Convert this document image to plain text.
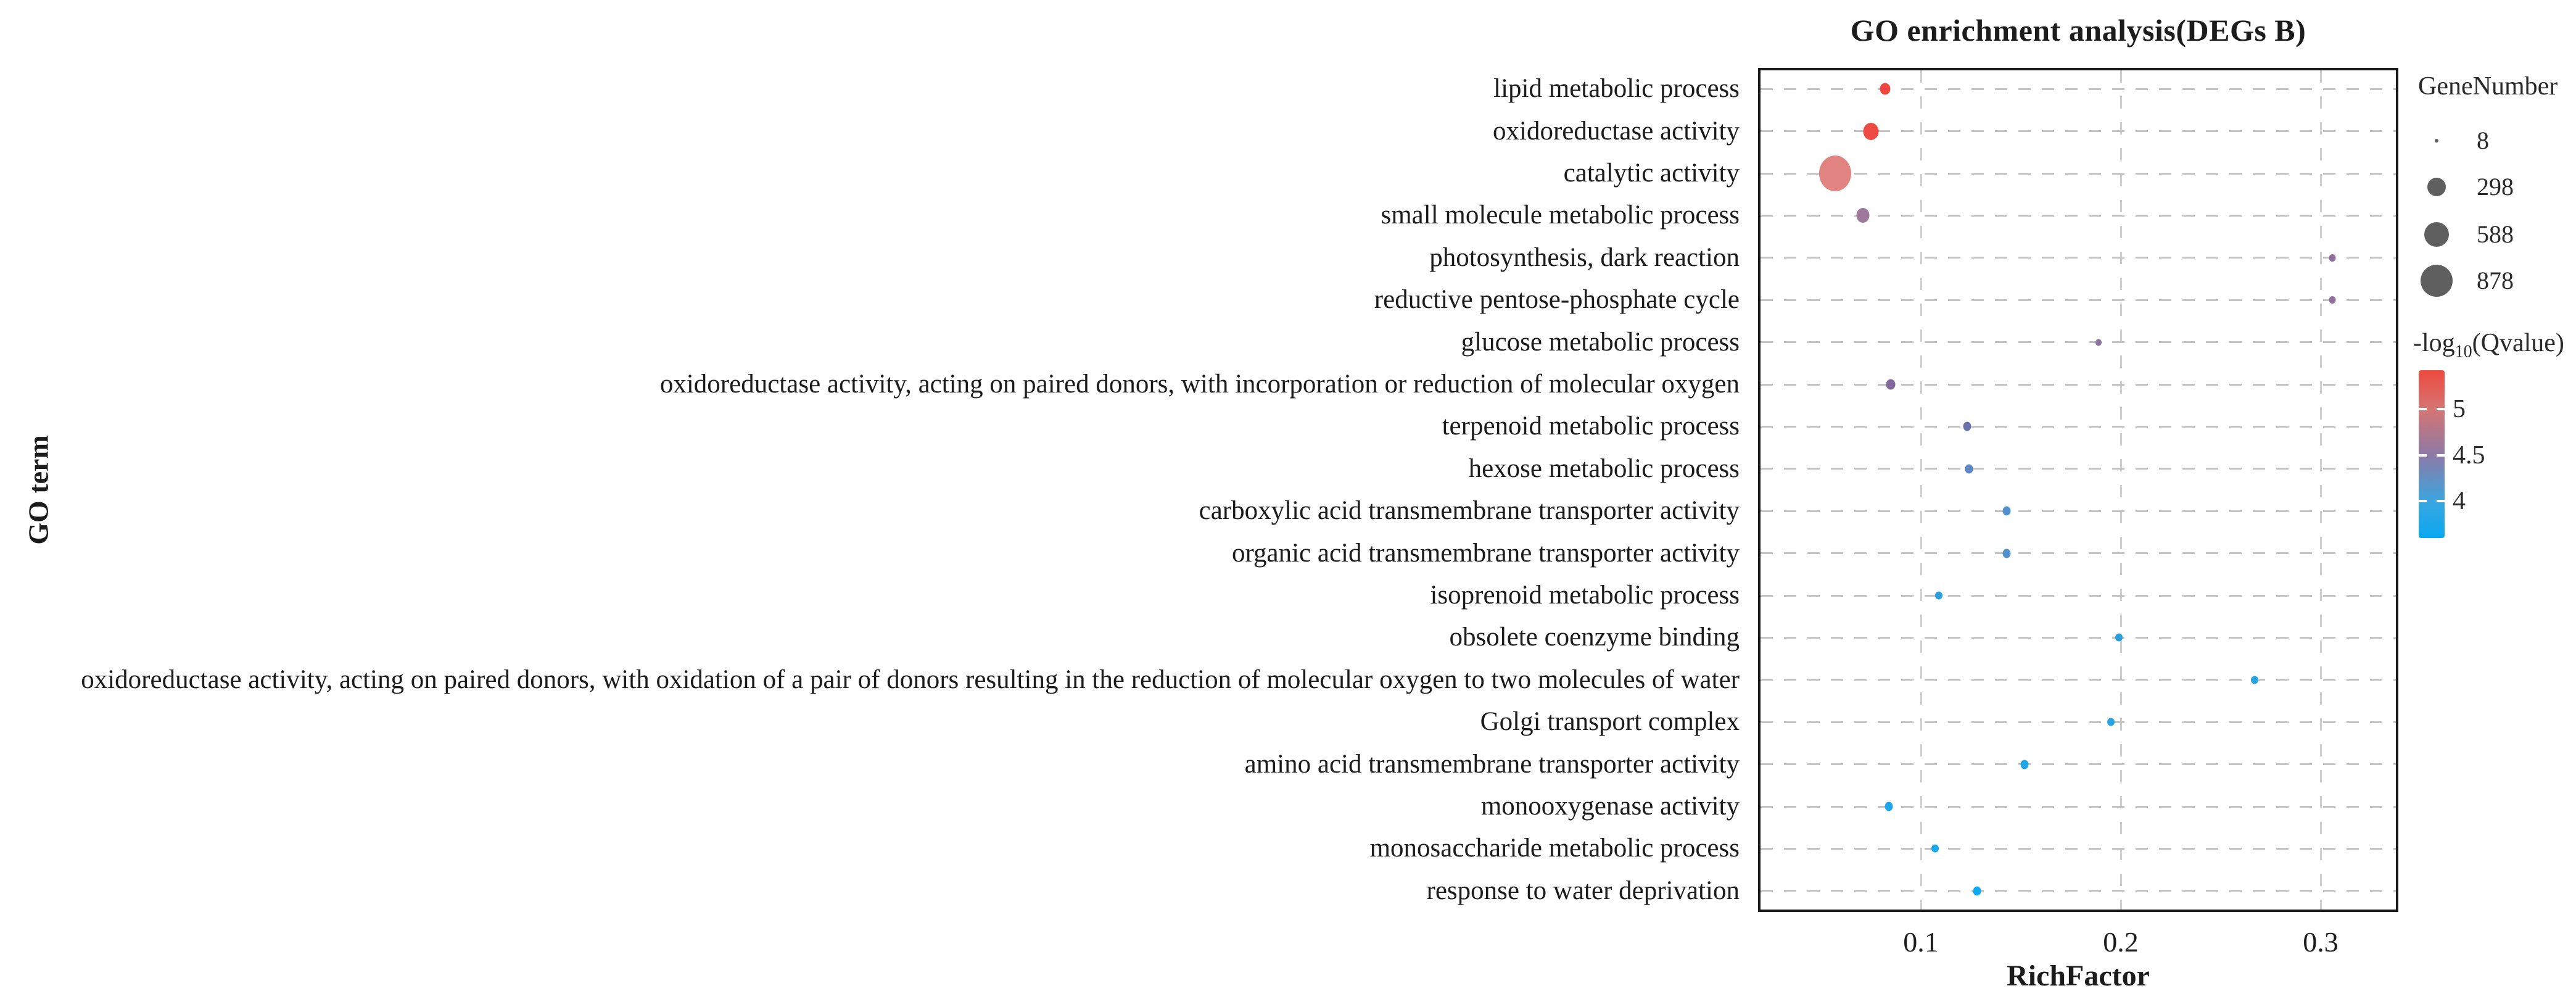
GO enrichment analysis(DEGs B)
GO term
lipid metabolic process
oxidoreductase activity
catalytic activity
small molecule metabolic process
photosynthesis, dark reaction
reductive pentose-phosphate cycle
glucose metabolic process
oxidoreductase activity, acting on paired donors, with incorporation or reduction of molecular oxygen
terpenoid metabolic process
hexose metabolic process
carboxylic acid transmembrane transporter activity
organic acid transmembrane transporter activity
isoprenoid metabolic process
obsolete coenzyme binding
oxidoreductase activity, acting on paired donors, with oxidation of a pair of donors resulting in the reduction of molecular oxygen to two molecules of water
Golgi transport complex
amino acid transmembrane transporter activity
monooxygenase activity
monosaccharide metabolic process
response to water deprivation
0.1	0.2	0.3
RichFactor
GeneNumber
8
298
588
878
$-\log_{10}(Qvalue)$
5
4.5
4
